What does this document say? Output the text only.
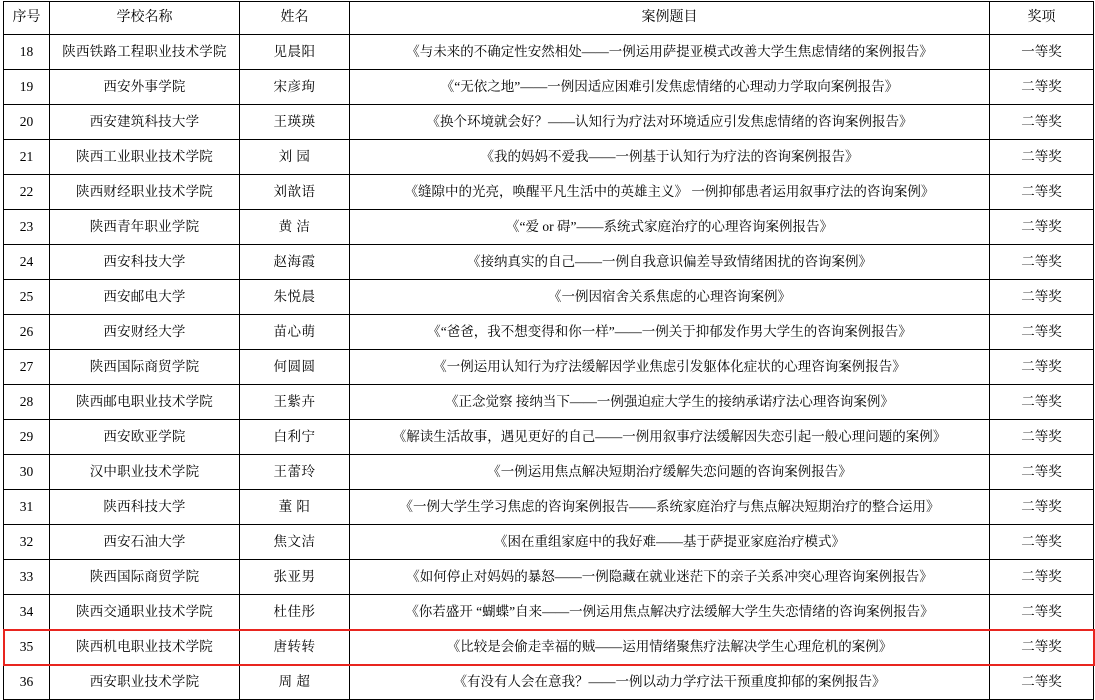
序号	学校名称	姓名	案例题目	奖项
18	陕西铁路工程职业技术学院	见晨阳	《与未来的不确定性安然相处——一例运用萨提亚模式改善大学生焦虑情绪的案例报告》	一等奖
19	西安外事学院	宋彦珣	《“无依之地”——一例因适应困难引发焦虑情绪的心理动力学取向案例报告》	二等奖
20	西安建筑科技大学	王瑛瑛	《换个环境就会好？——认知行为疗法对环境适应引发焦虑情绪的咨询案例报告》	二等奖
21	陕西工业职业技术学院	刘 园	《我的妈妈不爱我——一例基于认知行为疗法的咨询案例报告》	二等奖
22	陕西财经职业技术学院	刘歆语	《缝隙中的光亮，唤醒平凡生活中的英雄主义》 一例抑郁患者运用叙事疗法的咨询案例》	二等奖
23	陕西青年职业学院	黄 洁	《“爱 or 碍”——系统式家庭治疗的心理咨询案例报告》	二等奖
24	西安科技大学	赵海霞	《接纳真实的自己——一例自我意识偏差导致情绪困扰的咨询案例》	二等奖
25	西安邮电大学	朱悦晨	《一例因宿舍关系焦虑的心理咨询案例》	二等奖
26	西安财经大学	苗心萌	《“爸爸，我不想变得和你一样”——一例关于抑郁发作男大学生的咨询案例报告》	二等奖
27	陕西国际商贸学院	何圆圆	《一例运用认知行为疗法缓解因学业焦虑引发躯体化症状的心理咨询案例报告》	二等奖
28	陕西邮电职业技术学院	王紫卉	《正念觉察 接纳当下——一例强迫症大学生的接纳承诺疗法心理咨询案例》	二等奖
29	西安欧亚学院	白利宁	《解读生活故事，遇见更好的自己——一例用叙事疗法缓解因失恋引起一般心理问题的案例》	二等奖
30	汉中职业技术学院	王蕾玲	《一例运用焦点解决短期治疗缓解失恋问题的咨询案例报告》	二等奖
31	陕西科技大学	董 阳	《一例大学生学习焦虑的咨询案例报告——系统家庭治疗与焦点解决短期治疗的整合运用》	二等奖
32	西安石油大学	焦文洁	《困在重组家庭中的我好难——基于萨提亚家庭治疗模式》	二等奖
33	陕西国际商贸学院	张亚男	《如何停止对妈妈的暴怒——一例隐藏在就业迷茫下的亲子关系冲突心理咨询案例报告》	二等奖
34	陕西交通职业技术学院	杜佳彤	《你若盛开 “蝴蝶”自来——一例运用焦点解决疗法缓解大学生失恋情绪的咨询案例报告》	二等奖
35	陕西机电职业技术学院	唐转转	《比较是会偷走幸福的贼——运用情绪聚焦疗法解决学生心理危机的案例》	二等奖
36	西安职业技术学院	周 超	《有没有人会在意我？——一例以动力学疗法干预重度抑郁的案例报告》	二等奖
